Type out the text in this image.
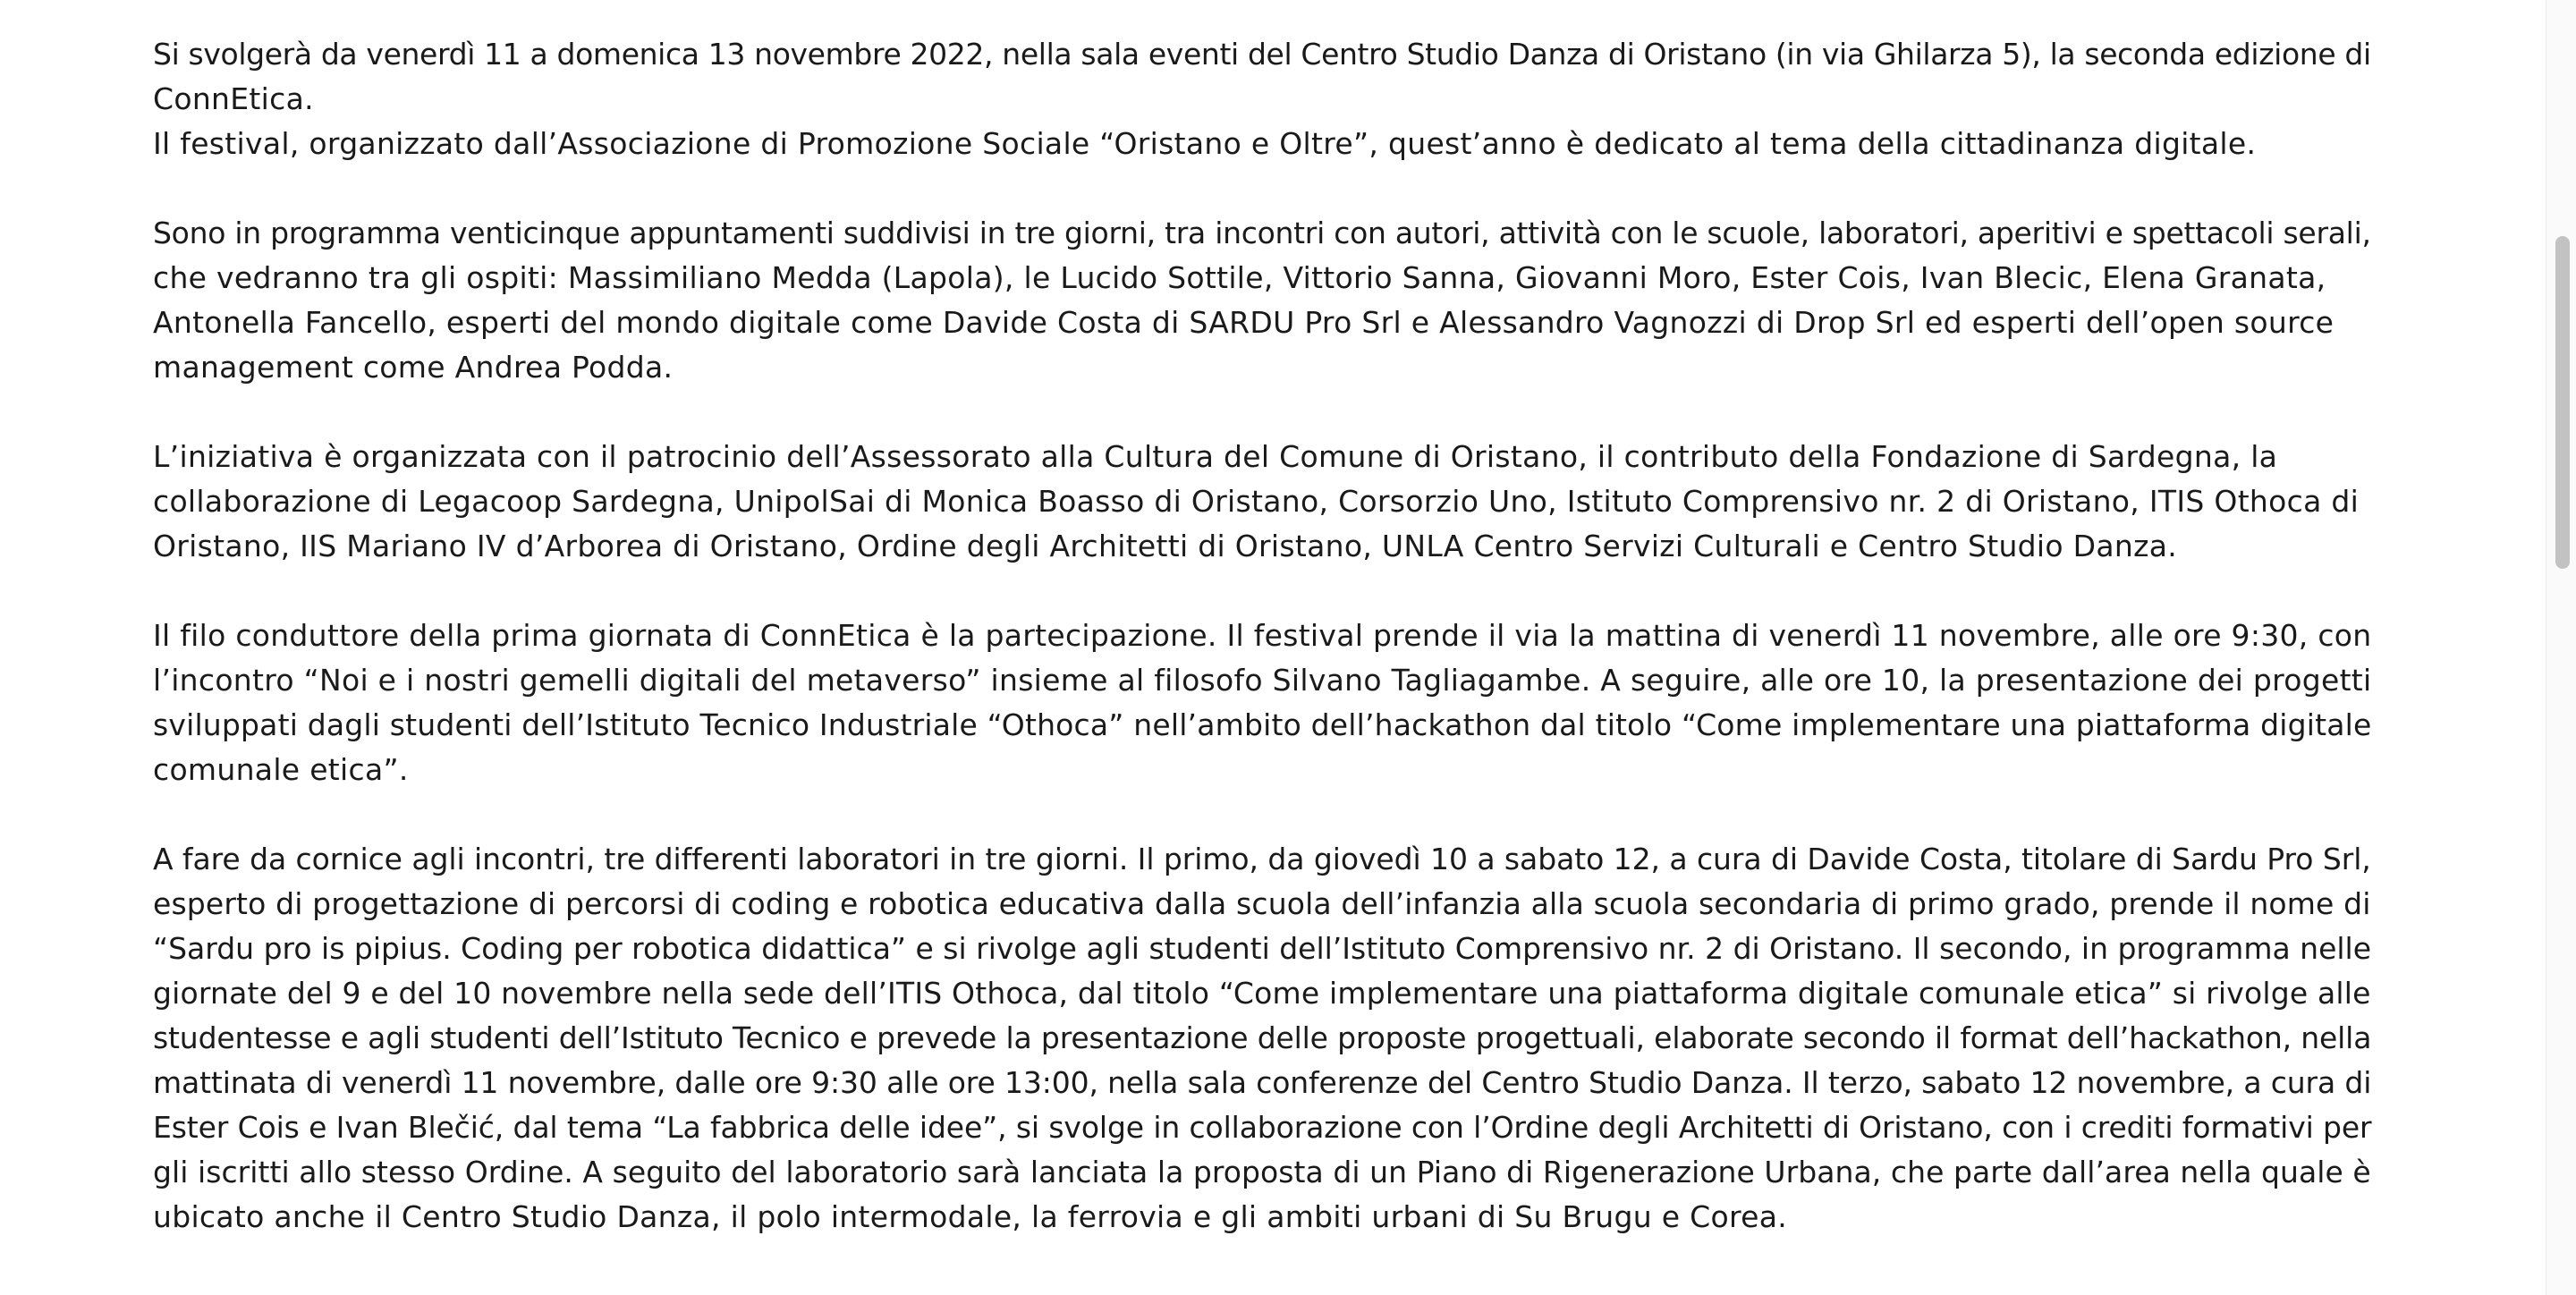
Si svolgerà da venerdì 11 a domenica 13 novembre 2022, nella sala eventi del Centro Studio Danza di Oristano (in via Ghilarza 5), la seconda edizione di
ConnEtica.
Il festival, organizzato dall’Associazione di Promozione Sociale “Oristano e Oltre”, quest’anno è dedicato al tema della cittadinanza digitale.

Sono in programma venticinque appuntamenti suddivisi in tre giorni, tra incontri con autori, attività con le scuole, laboratori, aperitivi e spettacoli serali,
che vedranno tra gli ospiti: Massimiliano Medda (Lapola), le Lucido Sottile, Vittorio Sanna, Giovanni Moro, Ester Cois, Ivan Blecic, Elena Granata,
Antonella Fancello, esperti del mondo digitale come Davide Costa di SARDU Pro Srl e Alessandro Vagnozzi di Drop Srl ed esperti dell’open source
management come Andrea Podda.

L’iniziativa è organizzata con il patrocinio dell’Assessorato alla Cultura del Comune di Oristano, il contributo della Fondazione di Sardegna, la
collaborazione di Legacoop Sardegna, UnipolSai di Monica Boasso di Oristano, Corsorzio Uno, Istituto Comprensivo nr. 2 di Oristano, ITIS Othoca di
Oristano, IIS Mariano IV d’Arborea di Oristano, Ordine degli Architetti di Oristano, UNLA Centro Servizi Culturali e Centro Studio Danza.

Il filo conduttore della prima giornata di ConnEtica è la partecipazione. Il festival prende il via la mattina di venerdì 11 novembre, alle ore 9:30, con
l’incontro “Noi e i nostri gemelli digitali del metaverso” insieme al filosofo Silvano Tagliagambe. A seguire, alle ore 10, la presentazione dei progetti
sviluppati dagli studenti dell’Istituto Tecnico Industriale “Othoca” nell’ambito dell’hackathon dal titolo “Come implementare una piattaforma digitale
comunale etica”.

A fare da cornice agli incontri, tre differenti laboratori in tre giorni. Il primo, da giovedì 10 a sabato 12, a cura di Davide Costa, titolare di Sardu Pro Srl,
esperto di progettazione di percorsi di coding e robotica educativa dalla scuola dell’infanzia alla scuola secondaria di primo grado, prende il nome di
“Sardu pro is pipius. Coding per robotica didattica” e si rivolge agli studenti dell’Istituto Comprensivo nr. 2 di Oristano. Il secondo, in programma nelle
giornate del 9 e del 10 novembre nella sede dell’ITIS Othoca, dal titolo “Come implementare una piattaforma digitale comunale etica” si rivolge alle
studentesse e agli studenti dell’Istituto Tecnico e prevede la presentazione delle proposte progettuali, elaborate secondo il format dell’hackathon, nella
mattinata di venerdì 11 novembre, dalle ore 9:30 alle ore 13:00, nella sala conferenze del Centro Studio Danza. Il terzo, sabato 12 novembre, a cura di
Ester Cois e Ivan Blečić, dal tema “La fabbrica delle idee”, si svolge in collaborazione con l’Ordine degli Architetti di Oristano, con i crediti formativi per
gli iscritti allo stesso Ordine. A seguito del laboratorio sarà lanciata la proposta di un Piano di Rigenerazione Urbana, che parte dall’area nella quale è
ubicato anche il Centro Studio Danza, il polo intermodale, la ferrovia e gli ambiti urbani di Su Brugu e Corea.
